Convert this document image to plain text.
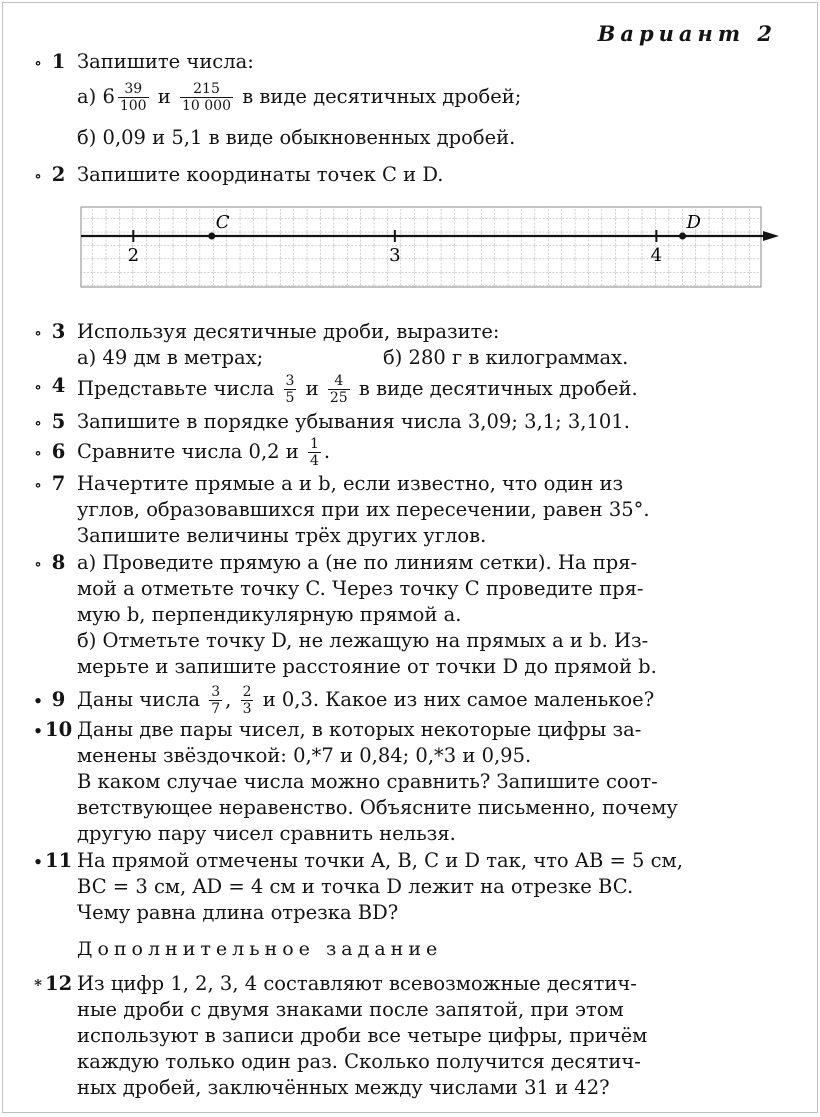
Вариант 2
∘ 1 Запишите числа:
а) $6 \frac{39}{100}$ и $\frac{215}{10 000}$ в виде десятичных дробей;
б) 0,09 и 5,1 в виде обыкновенных дробей.
∘ 2 Запишите координаты точек C и D.
2	3	4
C	D
∘ 3 Используя десятичные дроби, выразите:
а) 49 дм в метрах;	б) 280 г в килограммах.
∘ 4 Представьте числа $\frac{3}{5}$ и $\frac{4}{25}$ в виде десятичных дробей.
∘ 5 Запишите в порядке убывания числа 3,09; 3,1; 3,101.
∘ 6 Сравните числа 0,2 и $\frac{1}{4}$ .
∘ 7 Начертите прямые a и b, если известно, что один из
углов, образовавшихся при их пересечении, равен 35°.
Запишите величины трёх других углов.
∘ 8 а) Проведите прямую a (не по линиям сетки). На пря-
мой a отметьте точку C. Через точку C проведите пря-
мую b, перпендикулярную прямой a.
б) Отметьте точку D, не лежащую на прямых a и b. Из-
мерьте и запишите расстояние от точки D до прямой b.
• 9 Даны числа $\frac{3}{7}$ , $\frac{2}{3}$ и 0,3. Какое из них самое маленькое?
• 10 Даны две пары чисел, в которых некоторые цифры за-
менены звёздочкой: 0,*7 и 0,84; 0,*3 и 0,95.
В каком случае числа можно сравнить? Запишите соот-
ветствующее неравенство. Объясните письменно, почему
другую пару чисел сравнить нельзя.
• 11 На прямой отмечены точки A, B, C и D так, что AB = 5 см,
BC = 3 см, AD = 4 см и точка D лежит на отрезке BC.
Чему равна длина отрезка BD?
Дополнительное задание
* 12 Из цифр 1, 2, 3, 4 составляют всевозможные десятич-
ные дроби с двумя знаками после запятой, при этом
используют в записи дроби все четыре цифры, причём
каждую только один раз. Сколько получится десятич-
ных дробей, заключённых между числами 31 и 42?
